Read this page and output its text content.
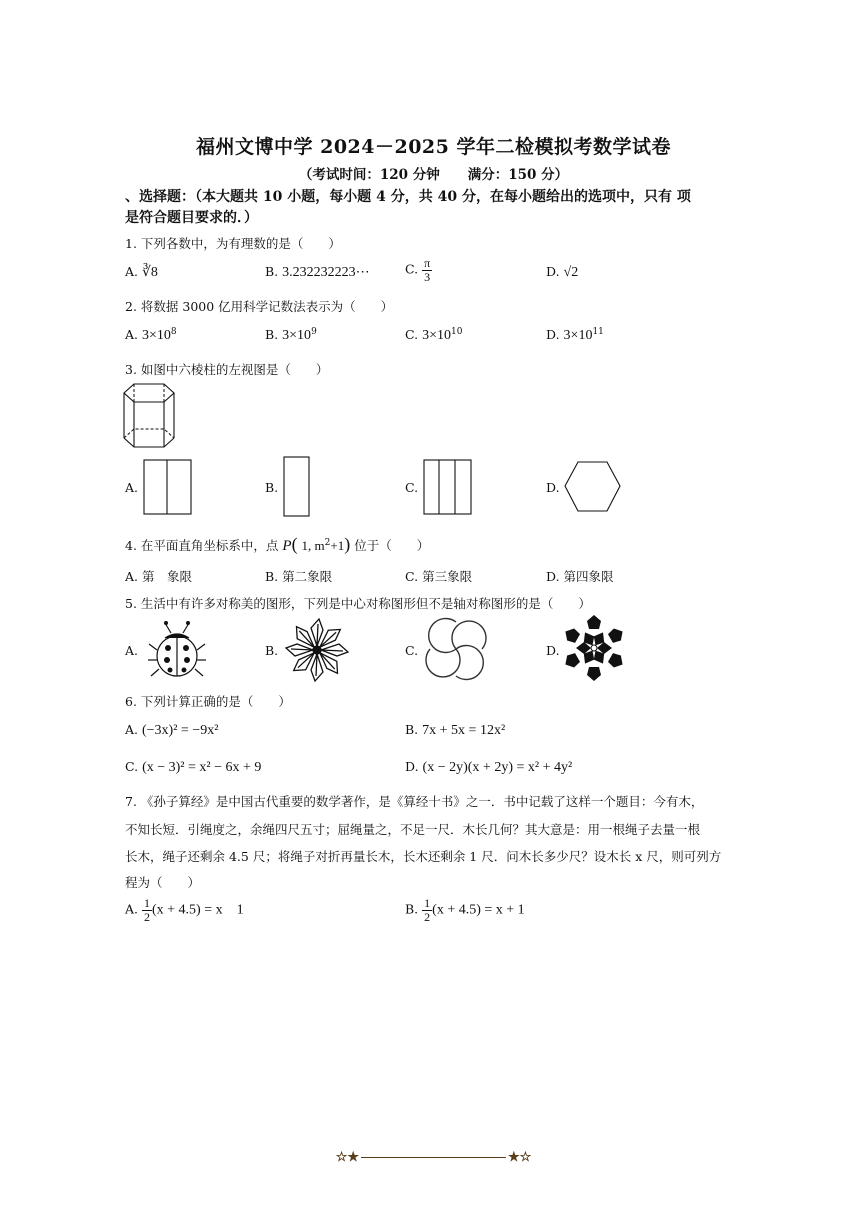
福州文博中学 2024－2025 学年二检模拟考数学试卷
（考试时间：120 分钟 满分：150 分）
、选择题：（本大题共 10 小题，每小题 4 分，共 40 分，在每小题给出的选项中，只有 项
是符合题目要求的．）
1. 下列各数中，为有理数的是（　　）
A. ∛8	B. 3.232232223⋯	C. $\frac{\pi}{3}$	D. √2
2. 将数据 3000 亿用科学记数法表示为（　　）
A. $3\times 10^8$	B. $3\times 10^9$	C. $3\times 10^{10}$	D. $3\times 10^{11}$
3. 如图中六棱柱的左视图是（　　）
A.	B.	C.	D.
4. 在平面直角坐标系中，点 P( 1, $m^2+1$) 位于（　　）
A. 第　象限	B. 第二象限	C. 第三象限	D. 第四象限
5. 生活中有许多对称美的图形，下列是中心对称图形但不是轴对称图形的是（　　）
A.	B.	C.	D.
6. 下列计算正确的是（　　）
A. (−3x)² = −9x²	B. 7x + 5x = 12x²
C. (x − 3)² = x² − 6x + 9	D. (x − 2y)(x + 2y) = x² + 4y²
7. 《孙子算经》是中国古代重要的数学著作，是《算经十书》之一．书中记载了这样一个题目：今有木，
不知长短．引绳度之，余绳四尺五寸；屈绳量之，不足一尺．木长几何？其大意是：用一根绳子去量一根
长木，绳子还剩余 4.5 尺；将绳子对折再量长木，长木还剩余 1 尺．问木长多少尺？设木长 x 尺，则可列方
程为（　　）
A. $\frac{1}{2} (x + 4.5) = x$　1	B. $\frac{1}{2} (x + 4.5) = x + 1$
☆★	★☆
